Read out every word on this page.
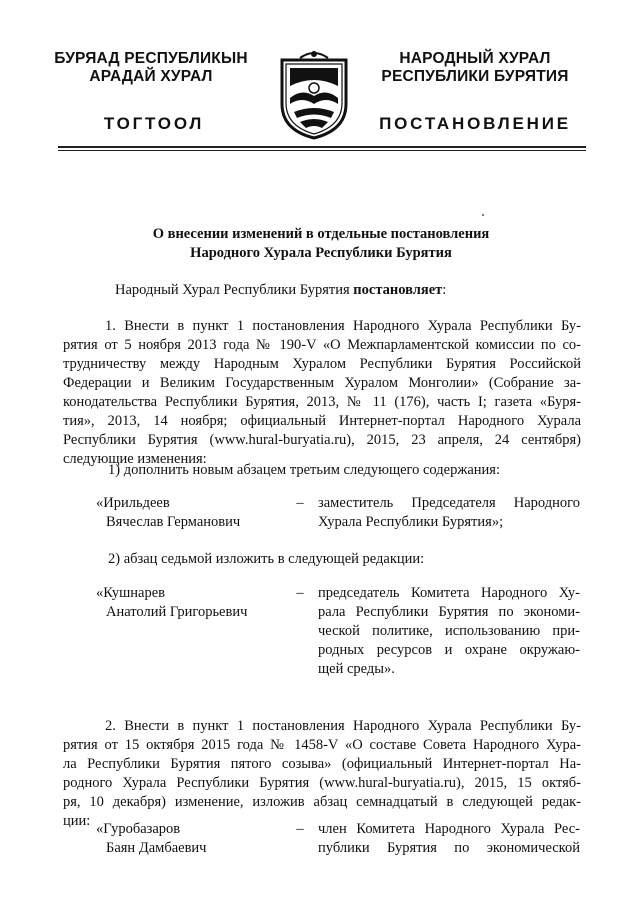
БУРЯАД РЕСПУБЛИКЫН
АРАДАЙ ХУРАЛ
НАРОДНЫЙ ХУРАЛ
РЕСПУБЛИКИ БУРЯТИЯ
ТОГТООЛ	ПОСТАНОВЛЕНИЕ
О внесении изменений в отдельные постановления
Народного Хурала Республики Бурятия
Народный Хурал Республики Бурятия постановляет:
1. Внести в пункт 1 постановления Народного Хурала Республики Бу-
рятия от 5 ноября 2013 года № 190-V «О Межпарламентской комиссии по со-
трудничеству между Народным Хуралом Республики Бурятия Российской
Федерации и Великим Государственным Хуралом Монголии» (Собрание за-
конодательства Республики Бурятия, 2013, № 11 (176), часть I; газета «Буря-
тия», 2013, 14 ноября; официальный Интернет-портал Народного Хурала
Республики Бурятия (www.hural-buryatia.ru), 2015, 23 апреля, 24 сентября)
следующие изменения:
1) дополнить новым абзацем третьим следующего содержания:
«Ирильдеев
Вячеслав Германович
– заместитель Председателя Народного
Хурала Республики Бурятия»;
2) абзац седьмой изложить в следующей редакции:
«Кушнарев
Анатолий Григорьевич
– председатель Комитета Народного Ху-
рала Республики Бурятия по экономи-
ческой политике, использованию при-
родных ресурсов и охране окружаю-
щей среды».
2. Внести в пункт 1 постановления Народного Хурала Республики Бу-
рятия от 15 октября 2015 года № 1458-V «О составе Совета Народного Хура-
ла Республики Бурятия пятого созыва» (официальный Интернет-портал На-
родного Хурала Республики Бурятия (www.hural-buryatia.ru), 2015, 15 октяб-
ря, 10 декабря) изменение, изложив абзац семнадцатый в следующей редак-
ции: «Гуробазаров
Баян Дамбаевич
– член Комитета Народного Хурала Рес-
публики Бурятия по экономической
